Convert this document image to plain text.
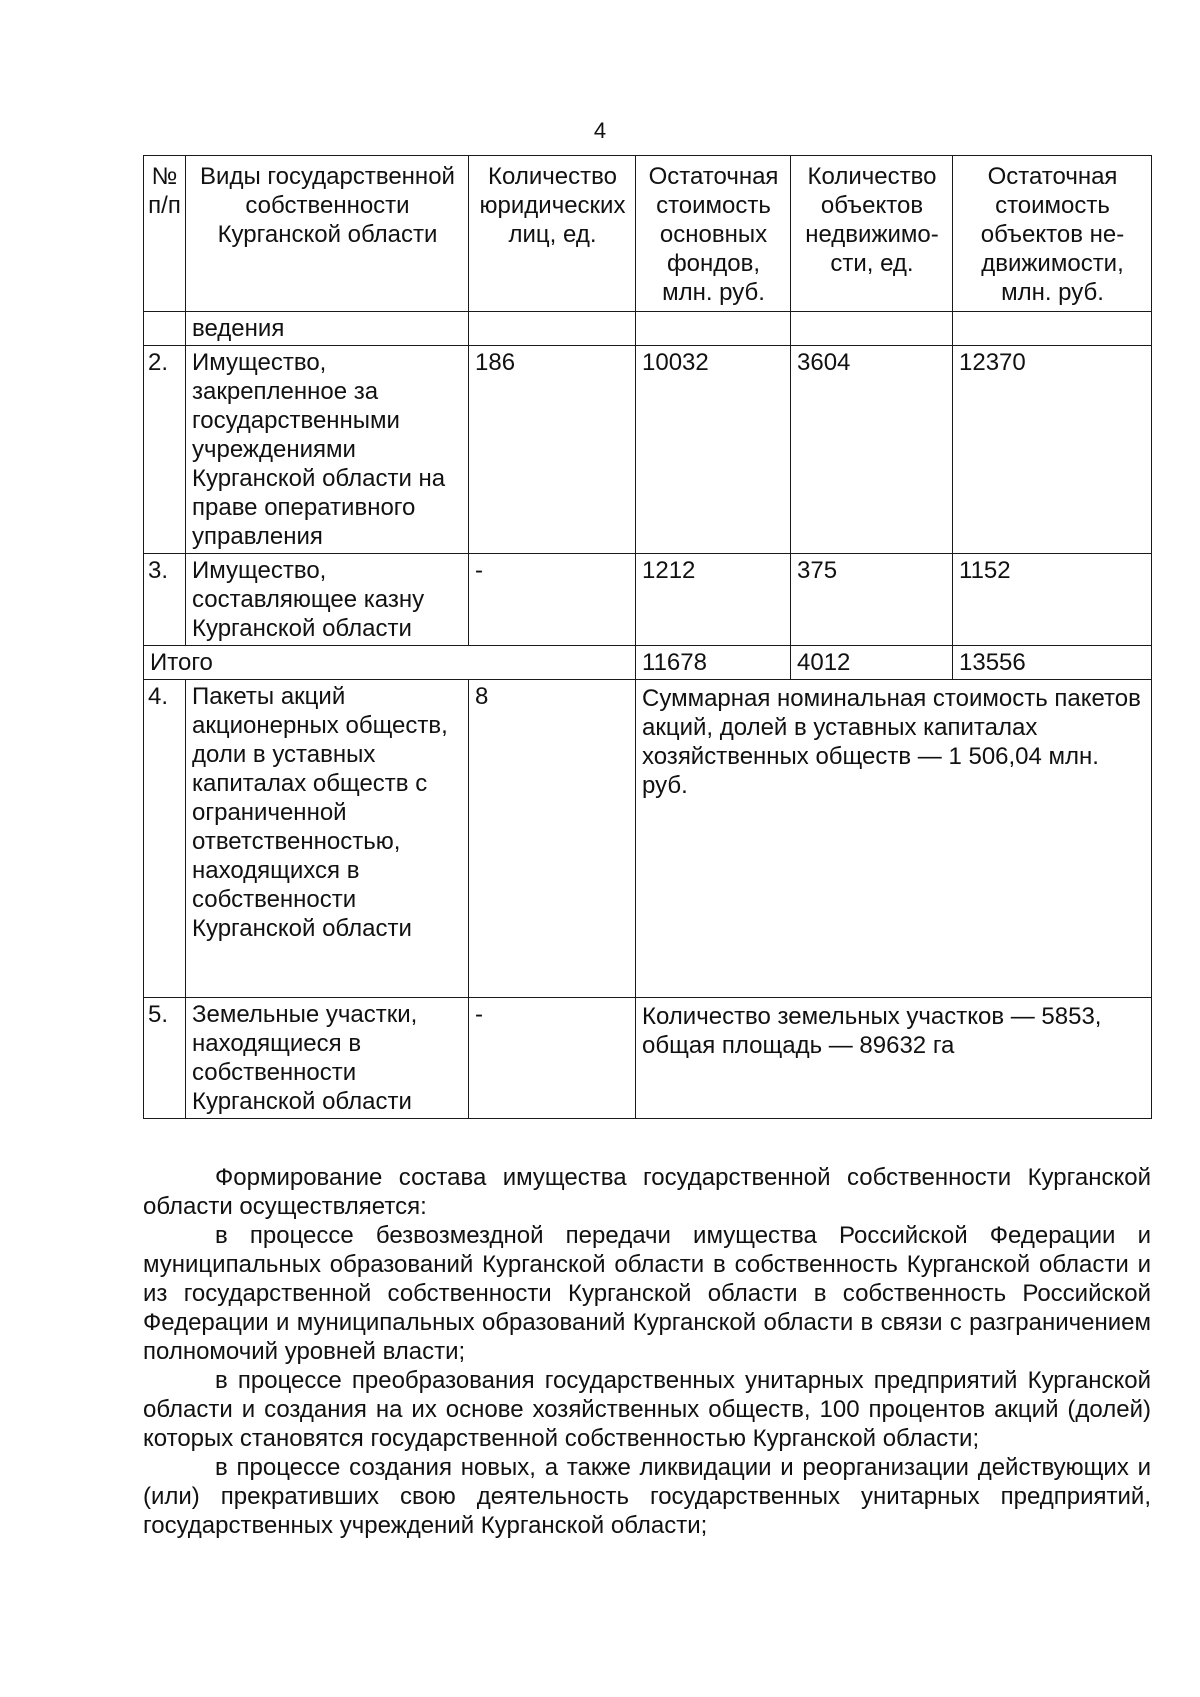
4
№ п/п	Виды государственной собственности Курганской области	Количество юридических лиц, ед.	Остаточная стоимость основных фондов, млн. руб.	Количество объектов недвижимо-сти, ед.	Остаточная стоимость объектов не-движимости, млн. руб.
	ведения				
2.	Имущество, закрепленное за государственными учреждениями Курганской области на праве оперативного управления	186	10032	3604	12370
3.	Имущество, составляющее казну Курганской области	-	1212	375	1152
Итого			11678	4012	13556
4.	Пакеты акций акционерных обществ, доли в уставных капиталах обществ с ограниченной ответственностью, находящихся в собственности Курганской области	8	Суммарная номинальная стоимость пакетов акций, долей в уставных капиталах хозяйственных обществ — 1 506,04 млн. руб.		
5.	Земельные участки, находящиеся в собственности Курганской области	-	Количество земельных участков — 5853, общая площадь — 89632 га		

Формирование состава имущества государственной собственности Курганской области осуществляется:

в процессе безвозмездной передачи имущества Российской Федерации и муниципальных образований Курганской области в собственность Курганской области и из государственной собственности Курганской области в собственность Российской Федерации и муниципальных образований Курганской области в связи с разграничением полномочий уровней власти;

в процессе преобразования государственных унитарных предприятий Курганской области и создания на их основе хозяйственных обществ, 100 процентов акций (долей) которых становятся государственной собственностью Курганской области;

в процессе создания новых, а также ликвидации и реорганизации действующих и (или) прекративших свою деятельность государственных унитарных предприятий, государственных учреждений Курганской области;
